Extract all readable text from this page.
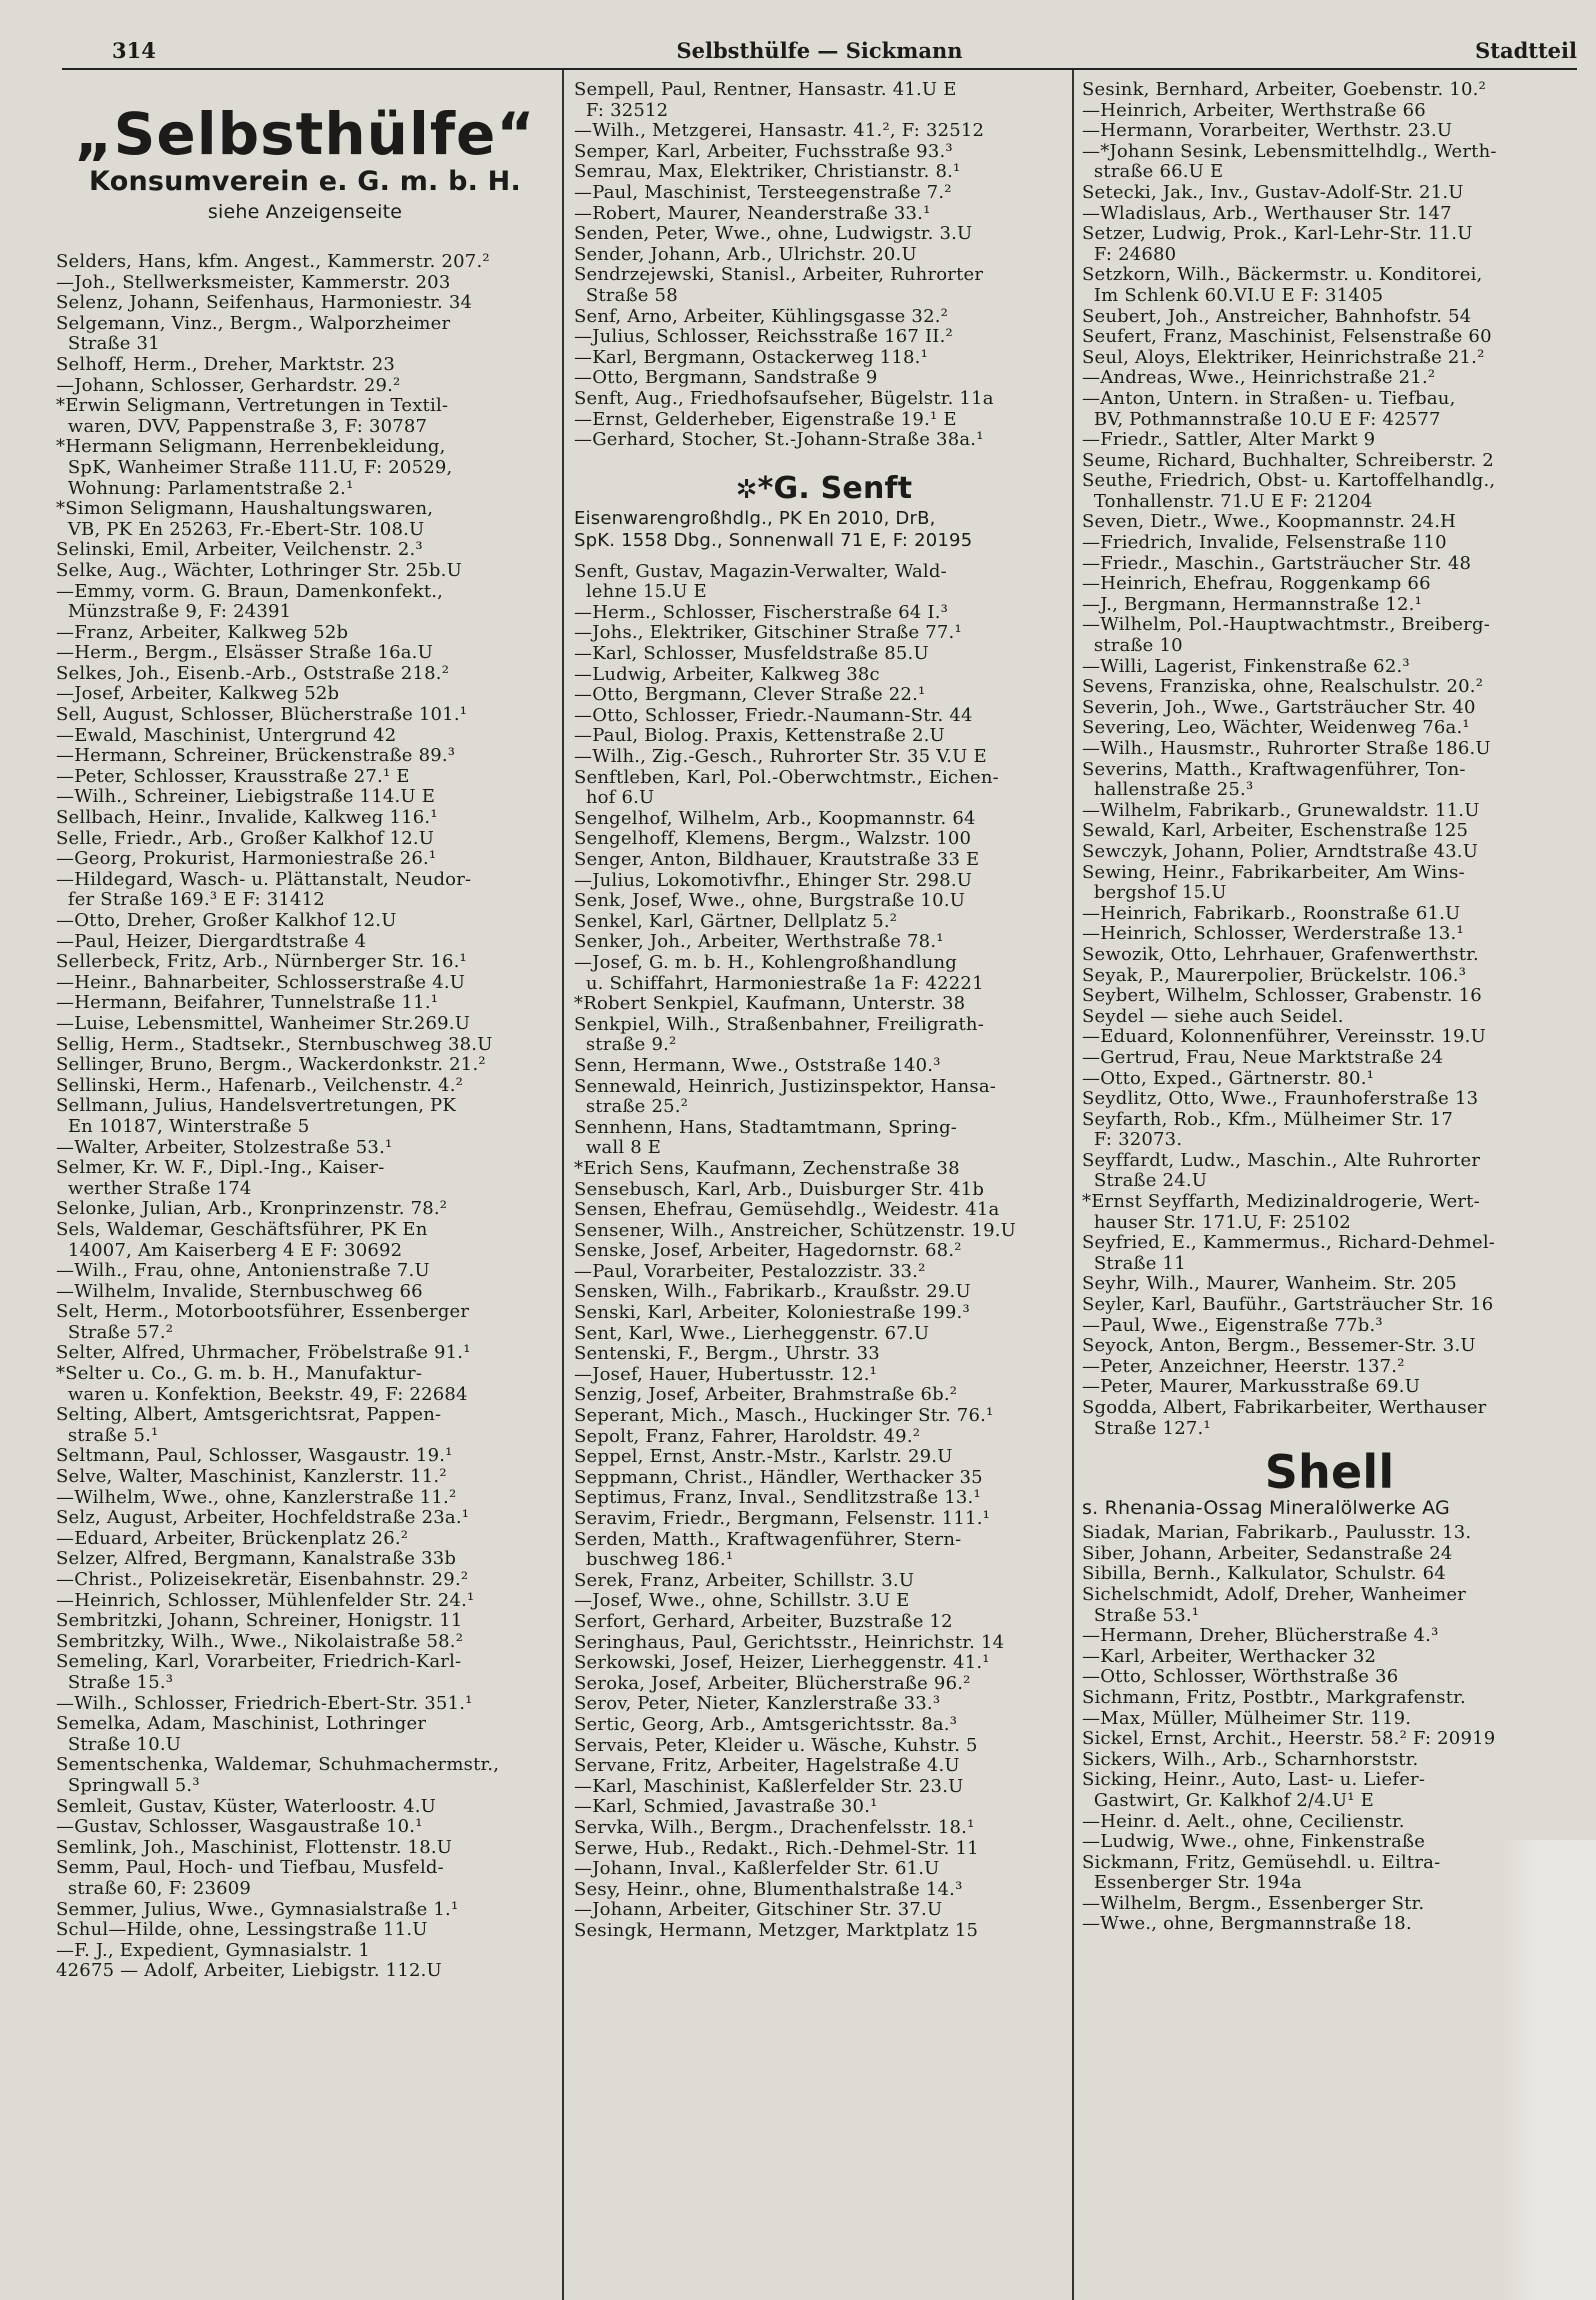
314	Selbsthülfe — Sickmann	Stadtteil
„Selbsthülfe“
Konsumverein e. G. m. b. H.
siehe Anzeigenseite
Selders, Hans, kfm. Angest., Kammerstr. 207.²
—Joh., Stellwerksmeister, Kammerstr. 203
Selenz, Johann, Seifenhaus, Harmoniestr. 34
Selgemann, Vinz., Bergm., Walporzheimer
Straße 31
Selhoff, Herm., Dreher, Marktstr. 23
—Johann, Schlosser, Gerhardstr. 29.²
*Erwin Seligmann, Vertretungen in Textil-
waren, DVV, Pappenstraße 3, F: 30787
*Hermann Seligmann, Herrenbekleidung,
SpK, Wanheimer Straße 111.U, F: 20529,
Wohnung: Parlamentstraße 2.¹
*Simon Seligmann, Haushaltungswaren,
VB, PK En 25263, Fr.-Ebert-Str. 108.U
Selinski, Emil, Arbeiter, Veilchenstr. 2.³
Selke, Aug., Wächter, Lothringer Str. 25b.U
—Emmy, vorm. G. Braun, Damenkonfekt.,
Münzstraße 9, F: 24391
—Franz, Arbeiter, Kalkweg 52b
—Herm., Bergm., Elsässer Straße 16a.U
Selkes, Joh., Eisenb.-Arb., Oststraße 218.²
—Josef, Arbeiter, Kalkweg 52b
Sell, August, Schlosser, Blücherstraße 101.¹
—Ewald, Maschinist, Untergrund 42
—Hermann, Schreiner, Brückenstraße 89.³
—Peter, Schlosser, Krausstraße 27.¹ E
—Wilh., Schreiner, Liebigstraße 114.U E
Sellbach, Heinr., Invalide, Kalkweg 116.¹
Selle, Friedr., Arb., Großer Kalkhof 12.U
—Georg, Prokurist, Harmoniestraße 26.¹
—Hildegard, Wasch- u. Plättanstalt, Neudor-
fer Straße 169.³ E F: 31412
—Otto, Dreher, Großer Kalkhof 12.U
—Paul, Heizer, Diergardtstraße 4
Sellerbeck, Fritz, Arb., Nürnberger Str. 16.¹
—Heinr., Bahnarbeiter, Schlosserstraße 4.U
—Hermann, Beifahrer, Tunnelstraße 11.¹
—Luise, Lebensmittel, Wanheimer Str.269.U
Sellig, Herm., Stadtsekr., Sternbuschweg 38.U
Sellinger, Bruno, Bergm., Wackerdonkstr. 21.²
Sellinski, Herm., Hafenarb., Veilchenstr. 4.²
Sellmann, Julius, Handelsvertretungen, PK
En 10187, Winterstraße 5
—Walter, Arbeiter, Stolzestraße 53.¹
Selmer, Kr. W. F., Dipl.-Ing., Kaiser-
werther Straße 174
Selonke, Julian, Arb., Kronprinzenstr. 78.²
Sels, Waldemar, Geschäftsführer, PK En
14007, Am Kaiserberg 4 E F: 30692
—Wilh., Frau, ohne, Antonienstraße 7.U
—Wilhelm, Invalide, Sternbuschweg 66
Selt, Herm., Motorbootsführer, Essenberger
Straße 57.²
Selter, Alfred, Uhrmacher, Fröbelstraße 91.¹
*Selter u. Co., G. m. b. H., Manufaktur-
waren u. Konfektion, Beekstr. 49, F: 22684
Selting, Albert, Amtsgerichtsrat, Pappen-
straße 5.¹
Seltmann, Paul, Schlosser, Wasgaustr. 19.¹
Selve, Walter, Maschinist, Kanzlerstr. 11.²
—Wilhelm, Wwe., ohne, Kanzlerstraße 11.²
Selz, August, Arbeiter, Hochfeldstraße 23a.¹
—Eduard, Arbeiter, Brückenplatz 26.²
Selzer, Alfred, Bergmann, Kanalstraße 33b
—Christ., Polizeisekretär, Eisenbahnstr. 29.²
—Heinrich, Schlosser, Mühlenfelder Str. 24.¹
Sembritzki, Johann, Schreiner, Honigstr. 11
Sembritzky, Wilh., Wwe., Nikolaistraße 58.²
Semeling, Karl, Vorarbeiter, Friedrich-Karl-
Straße 15.³
—Wilh., Schlosser, Friedrich-Ebert-Str. 351.¹
Semelka, Adam, Maschinist, Lothringer
Straße 10.U
Sementschenka, Waldemar, Schuhmachermstr.,
Springwall 5.³
Semleit, Gustav, Küster, Waterloostr. 4.U
—Gustav, Schlosser, Wasgaustraße 10.¹
Semlink, Joh., Maschinist, Flottenstr. 18.U
Semm, Paul, Hoch- und Tiefbau, Musfeld-
straße 60, F: 23609
Semmer, Julius, Wwe., Gymnasialstraße 1.¹
Schul—Hilde, ohne, Lessingstraße 11.U
—F. J., Expedient, Gymnasialstr. 1
42675 — Adolf, Arbeiter, Liebigstr. 112.U
Sempell, Paul, Rentner, Hansastr. 41.U E
F: 32512
—Wilh., Metzgerei, Hansastr. 41.², F: 32512
Semper, Karl, Arbeiter, Fuchsstraße 93.³
Semrau, Max, Elektriker, Christianstr. 8.¹
—Paul, Maschinist, Tersteegenstraße 7.²
—Robert, Maurer, Neanderstraße 33.¹
Senden, Peter, Wwe., ohne, Ludwigstr. 3.U
Sender, Johann, Arb., Ulrichstr. 20.U
Sendrzejewski, Stanisl., Arbeiter, Ruhrorter
Straße 58
Senf, Arno, Arbeiter, Kühlingsgasse 32.²
—Julius, Schlosser, Reichsstraße 167 II.²
—Karl, Bergmann, Ostackerweg 118.¹
—Otto, Bergmann, Sandstraße 9
Senft, Aug., Friedhofsaufseher, Bügelstr. 11a
—Ernst, Gelderheber, Eigenstraße 19.¹ E
—Gerhard, Stocher, St.-Johann-Straße 38a.¹
✲*G. Senft
Eisenwarengroßhdlg., PK En 2010, DrB,
SpK. 1558 Dbg., Sonnenwall 71 E, F: 20195
Senft, Gustav, Magazin-Verwalter, Wald-
lehne 15.U E
—Herm., Schlosser, Fischerstraße 64 I.³
—Johs., Elektriker, Gitschiner Straße 77.¹
—Karl, Schlosser, Musfeldstraße 85.U
—Ludwig, Arbeiter, Kalkweg 38c
—Otto, Bergmann, Clever Straße 22.¹
—Otto, Schlosser, Friedr.-Naumann-Str. 44
—Paul, Biolog. Praxis, Kettenstraße 2.U
—Wilh., Zig.-Gesch., Ruhrorter Str. 35 V.U E
Senftleben, Karl, Pol.-Oberwchtmstr., Eichen-
hof 6.U
Sengelhof, Wilhelm, Arb., Koopmannstr. 64
Sengelhoff, Klemens, Bergm., Walzstr. 100
Senger, Anton, Bildhauer, Krautstraße 33 E
—Julius, Lokomotivfhr., Ehinger Str. 298.U
Senk, Josef, Wwe., ohne, Burgstraße 10.U
Senkel, Karl, Gärtner, Dellplatz 5.²
Senker, Joh., Arbeiter, Werthstraße 78.¹
—Josef, G. m. b. H., Kohlengroßhandlung
u. Schiffahrt, Harmoniestraße 1a F: 42221
*Robert Senkpiel, Kaufmann, Unterstr. 38
Senkpiel, Wilh., Straßenbahner, Freiligrath-
straße 9.²
Senn, Hermann, Wwe., Oststraße 140.³
Sennewald, Heinrich, Justizinspektor, Hansa-
straße 25.²
Sennhenn, Hans, Stadtamtmann, Spring-
wall 8 E
*Erich Sens, Kaufmann, Zechenstraße 38
Sensebusch, Karl, Arb., Duisburger Str. 41b
Sensen, Ehefrau, Gemüsehdlg., Weidestr. 41a
Sensener, Wilh., Anstreicher, Schützenstr. 19.U
Senske, Josef, Arbeiter, Hagedornstr. 68.²
—Paul, Vorarbeiter, Pestalozzistr. 33.²
Sensken, Wilh., Fabrikarb., Kraußstr. 29.U
Senski, Karl, Arbeiter, Koloniestraße 199.³
Sent, Karl, Wwe., Lierheggenstr. 67.U
Sentenski, F., Bergm., Uhrstr. 33
—Josef, Hauer, Hubertusstr. 12.¹
Senzig, Josef, Arbeiter, Brahmstraße 6b.²
Seperant, Mich., Masch., Huckinger Str. 76.¹
Sepolt, Franz, Fahrer, Haroldstr. 49.²
Seppel, Ernst, Anstr.-Mstr., Karlstr. 29.U
Seppmann, Christ., Händler, Werthacker 35
Septimus, Franz, Inval., Sendlitzstraße 13.¹
Seravim, Friedr., Bergmann, Felsenstr. 111.¹
Serden, Matth., Kraftwagenführer, Stern-
buschweg 186.¹
Serek, Franz, Arbeiter, Schillstr. 3.U
—Josef, Wwe., ohne, Schillstr. 3.U E
Serfort, Gerhard, Arbeiter, Buzstraße 12
Seringhaus, Paul, Gerichtsstr., Heinrichstr. 14
Serkowski, Josef, Heizer, Lierheggenstr. 41.¹
Seroka, Josef, Arbeiter, Blücherstraße 96.²
Serov, Peter, Nieter, Kanzlerstraße 33.³
Sertic, Georg, Arb., Amtsgerichtsstr. 8a.³
Servais, Peter, Kleider u. Wäsche, Kuhstr. 5
Servane, Fritz, Arbeiter, Hagelstraße 4.U
—Karl, Maschinist, Kaßlerfelder Str. 23.U
—Karl, Schmied, Javastraße 30.¹
Servka, Wilh., Bergm., Drachenfelsstr. 18.¹
Serwe, Hub., Redakt., Rich.-Dehmel-Str. 11
—Johann, Inval., Kaßlerfelder Str. 61.U
Sesy, Heinr., ohne, Blumenthalstraße 14.³
—Johann, Arbeiter, Gitschiner Str. 37.U
Sesingk, Hermann, Metzger, Marktplatz 15
Sesink, Bernhard, Arbeiter, Goebenstr. 10.²
—Heinrich, Arbeiter, Werthstraße 66
—Hermann, Vorarbeiter, Werthstr. 23.U
—*Johann Sesink, Lebensmittelhdlg., Werth-
straße 66.U E
Setecki, Jak., Inv., Gustav-Adolf-Str. 21.U
—Wladislaus, Arb., Werthauser Str. 147
Setzer, Ludwig, Prok., Karl-Lehr-Str. 11.U
F: 24680
Setzkorn, Wilh., Bäckermstr. u. Konditorei,
Im Schlenk 60.VI.U E F: 31405
Seubert, Joh., Anstreicher, Bahnhofstr. 54
Seufert, Franz, Maschinist, Felsenstraße 60
Seul, Aloys, Elektriker, Heinrichstraße 21.²
—Andreas, Wwe., Heinrichstraße 21.²
—Anton, Untern. in Straßen- u. Tiefbau,
BV, Pothmannstraße 10.U E F: 42577
—Friedr., Sattler, Alter Markt 9
Seume, Richard, Buchhalter, Schreiberstr. 2
Seuthe, Friedrich, Obst- u. Kartoffelhandlg.,
Tonhallenstr. 71.U E F: 21204
Seven, Dietr., Wwe., Koopmannstr. 24.H
—Friedrich, Invalide, Felsenstraße 110
—Friedr., Maschin., Gartsträucher Str. 48
—Heinrich, Ehefrau, Roggenkamp 66
—J., Bergmann, Hermannstraße 12.¹
—Wilhelm, Pol.-Hauptwachtmstr., Breiberg-
straße 10
—Willi, Lagerist, Finkenstraße 62.³
Sevens, Franziska, ohne, Realschulstr. 20.²
Severin, Joh., Wwe., Gartsträucher Str. 40
Severing, Leo, Wächter, Weidenweg 76a.¹
—Wilh., Hausmstr., Ruhrorter Straße 186.U
Severins, Matth., Kraftwagenführer, Ton-
hallenstraße 25.³
—Wilhelm, Fabrikarb., Grunewaldstr. 11.U
Sewald, Karl, Arbeiter, Eschenstraße 125
Sewczyk, Johann, Polier, Arndtstraße 43.U
Sewing, Heinr., Fabrikarbeiter, Am Wins-
bergshof 15.U
—Heinrich, Fabrikarb., Roonstraße 61.U
—Heinrich, Schlosser, Werderstraße 13.¹
Sewozik, Otto, Lehrhauer, Grafenwerthstr.
Seyak, P., Maurerpolier, Brückelstr. 106.³
Seybert, Wilhelm, Schlosser, Grabenstr. 16
Seydel — siehe auch Seidel.
—Eduard, Kolonnenführer, Vereinsstr. 19.U
—Gertrud, Frau, Neue Marktstraße 24
—Otto, Exped., Gärtnerstr. 80.¹
Seydlitz, Otto, Wwe., Fraunhoferstraße 13
Seyfarth, Rob., Kfm., Mülheimer Str. 17
F: 32073.
Seyffardt, Ludw., Maschin., Alte Ruhrorter
Straße 24.U
*Ernst Seyffarth, Medizinaldrogerie, Wert-
hauser Str. 171.U, F: 25102
Seyfried, E., Kammermus., Richard-Dehmel-
Straße 11
Seyhr, Wilh., Maurer, Wanheim. Str. 205
Seyler, Karl, Bauführ., Gartsträucher Str. 16
—Paul, Wwe., Eigenstraße 77b.³
Seyock, Anton, Bergm., Bessemer-Str. 3.U
—Peter, Anzeichner, Heerstr. 137.²
—Peter, Maurer, Markusstraße 69.U
Sgodda, Albert, Fabrikarbeiter, Werthauser
Straße 127.¹
Shell
s. Rhenania-Ossag Mineralölwerke AG
Siadak, Marian, Fabrikarb., Paulusstr. 13.
Siber, Johann, Arbeiter, Sedanstraße 24
Sibilla, Bernh., Kalkulator, Schulstr. 64
Sichelschmidt, Adolf, Dreher, Wanheimer
Straße 53.¹
—Hermann, Dreher, Blücherstraße 4.³
—Karl, Arbeiter, Werthacker 32
—Otto, Schlosser, Wörthstraße 36
Sichmann, Fritz, Postbtr., Markgrafenstr.
—Max, Müller, Mülheimer Str. 119.
Sickel, Ernst, Archit., Heerstr. 58.² F: 20919
Sickers, Wilh., Arb., Scharnhorststr.
Sicking, Heinr., Auto, Last- u. Liefer-
Gastwirt, Gr. Kalkhof 2/4.U¹ E
—Heinr. d. Aelt., ohne, Cecilienstr.
—Ludwig, Wwe., ohne, Finkenstraße
Sickmann, Fritz, Gemüsehdl. u. Eiltra-
Essenberger Str. 194a
—Wilhelm, Bergm., Essenberger Str.
—Wwe., ohne, Bergmannstraße 18.
